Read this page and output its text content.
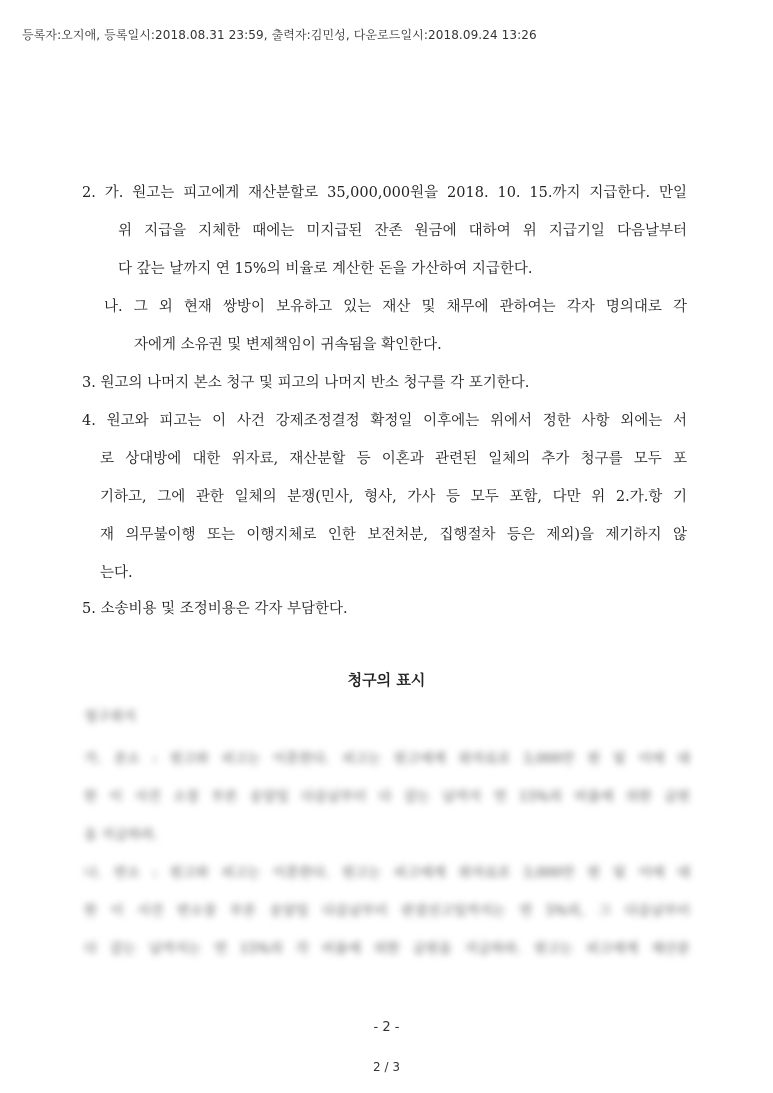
등록자:오지애, 등록일시:2018.08.31 23:59, 출력자:김민성, 다운로드일시:2018.09.24 13:26
2. 가. 원고는 피고에게 재산분할로 35,000,000원을 2018. 10. 15.까지 지급한다. 만일
위 지급을 지체한 때에는 미지급된 잔존 원금에 대하여 위 지급기일 다음날부터
다 갚는 날까지 연 15%의 비율로 계산한 돈을 가산하여 지급한다.
나. 그 외 현재 쌍방이 보유하고 있는 재산 및 채무에 관하여는 각자 명의대로 각
자에게 소유권 및 변제책임이 귀속됨을 확인한다.
3. 원고의 나머지 본소 청구 및 피고의 나머지 반소 청구를 각 포기한다.
4. 원고와 피고는 이 사건 강제조정결정 확정일 이후에는 위에서 정한 사항 외에는 서
로 상대방에 대한 위자료, 재산분할 등 이혼과 관련된 일체의 추가 청구를 모두 포
기하고, 그에 관한 일체의 분쟁(민사, 형사, 가사 등 모두 포함, 다만 위 2.가.항 기
재 의무불이행 또는 이행지체로 인한 보전처분, 집행절차 등은 제외)을 제기하지 않
는다.
5. 소송비용 및 조정비용은 각자 부담한다.
청구의 표시
청구취지
가. 본소 : 원고와 피고는 이혼한다. 피고는 원고에게 위자료로 3,000만 원 및 이에 대
한 이 사건 소장 부본 송달일 다음날부터 다 갚는 날까지 연 15%의 비율에 의한 금원
을 지급하라.
나. 반소 : 원고와 피고는 이혼한다. 원고는 피고에게 위자료로 3,000만 원 및 이에 대
한 이 사건 반소장 부본 송달일 다음날부터 판결선고일까지는 연 5%의, 그 다음날부터
다 갚는 날까지는 연 15%의 각 비율에 의한 금원을 지급하라. 원고는 피고에게 재산분
- 2 -
2 / 3
